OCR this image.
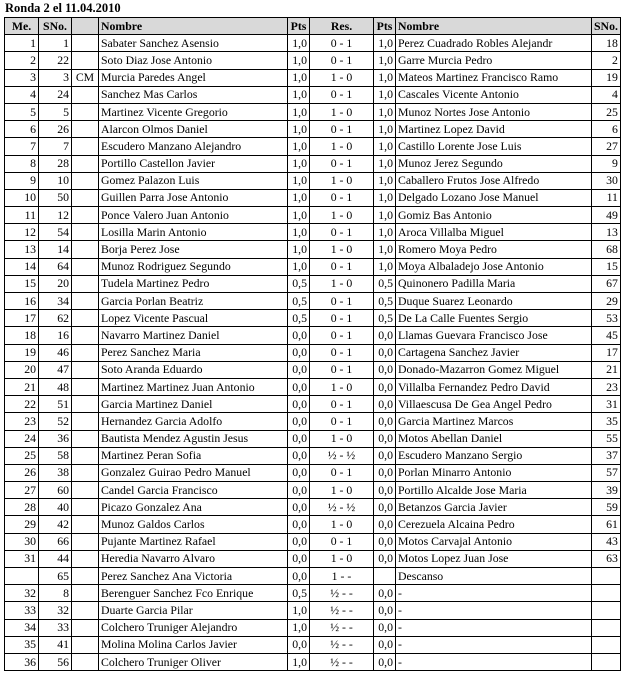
Ronda 2 el 11.04.2010
Me.	SNo.		Nombre	Pts	Res.	Pts	Nombre	SNo.
1	1		Sabater Sanchez Asensio	1,0	0 - 1	1,0	Perez Cuadrado Robles Alejandr	18
2	22		Soto Diaz Jose Antonio	1,0	0 - 1	1,0	Garre Murcia Pedro	2
3	3	CM	Murcia Paredes Angel	1,0	1 - 0	1,0	Mateos Martinez Francisco Ramo	19
4	24		Sanchez Mas Carlos	1,0	0 - 1	1,0	Cascales Vicente Antonio	4
5	5		Martinez Vicente Gregorio	1,0	1 - 0	1,0	Munoz Nortes Jose Antonio	25
6	26		Alarcon Olmos Daniel	1,0	0 - 1	1,0	Martinez Lopez David	6
7	7		Escudero Manzano Alejandro	1,0	1 - 0	1,0	Castillo Lorente Jose Luis	27
8	28		Portillo Castellon Javier	1,0	0 - 1	1,0	Munoz Jerez Segundo	9
9	10		Gomez Palazon Luis	1,0	1 - 0	1,0	Caballero Frutos Jose Alfredo	30
10	50		Guillen Parra Jose Antonio	1,0	0 - 1	1,0	Delgado Lozano Jose Manuel	11
11	12		Ponce Valero Juan Antonio	1,0	1 - 0	1,0	Gomiz Bas Antonio	49
12	54		Losilla Marin Antonio	1,0	0 - 1	1,0	Aroca Villalba Miguel	13
13	14		Borja Perez Jose	1,0	1 - 0	1,0	Romero Moya Pedro	68
14	64		Munoz Rodriguez Segundo	1,0	0 - 1	1,0	Moya Albaladejo Jose Antonio	15
15	20		Tudela Martinez Pedro	0,5	1 - 0	0,5	Quinonero Padilla Maria	67
16	34		Garcia Porlan Beatriz	0,5	0 - 1	0,5	Duque Suarez Leonardo	29
17	62		Lopez Vicente Pascual	0,5	0 - 1	0,5	De La Calle Fuentes Sergio	53
18	16		Navarro Martinez Daniel	0,0	0 - 1	0,0	Llamas Guevara Francisco Jose	45
19	46		Perez Sanchez Maria	0,0	0 - 1	0,0	Cartagena Sanchez Javier	17
20	47		Soto Aranda Eduardo	0,0	0 - 1	0,0	Donado-Mazarron Gomez Miguel	21
21	48		Martinez Martinez Juan Antonio	0,0	1 - 0	0,0	Villalba Fernandez Pedro David	23
22	51		Garcia Martinez Daniel	0,0	0 - 1	0,0	Villaescusa De Gea Angel Pedro	31
23	52		Hernandez Garcia Adolfo	0,0	0 - 1	0,0	Garcia Martinez Marcos	35
24	36		Bautista Mendez Agustin Jesus	0,0	1 - 0	0,0	Motos Abellan Daniel	55
25	58		Martinez Peran Sofia	0,0	½ - ½	0,0	Escudero Manzano Sergio	37
26	38		Gonzalez Guirao Pedro Manuel	0,0	0 - 1	0,0	Porlan Minarro Antonio	57
27	60		Candel Garcia Francisco	0,0	1 - 0	0,0	Portillo Alcalde Jose Maria	39
28	40		Picazo Gonzalez Ana	0,0	½ - ½	0,0	Betanzos Garcia Javier	59
29	42		Munoz Galdos Carlos	0,0	1 - 0	0,0	Cerezuela Alcaina Pedro	61
30	66		Pujante Martinez Rafael	0,0	0 - 1	0,0	Motos Carvajal Antonio	43
31	44		Heredia Navarro Alvaro	0,0	1 - 0	0,0	Motos Lopez Juan Jose	63
	65		Perez Sanchez Ana Victoria	0,0	1 - -		Descanso	
32	8		Berenguer Sanchez Fco Enrique	0,5	½ - -	0,0	-	
33	32		Duarte Garcia Pilar	1,0	½ - -	0,0	-	
34	33		Colchero Truniger Alejandro	1,0	½ - -	0,0	-	
35	41		Molina Molina Carlos Javier	0,0	½ - -	0,0	-	
36	56		Colchero Truniger Oliver	1,0	½ - -	0,0	-	
